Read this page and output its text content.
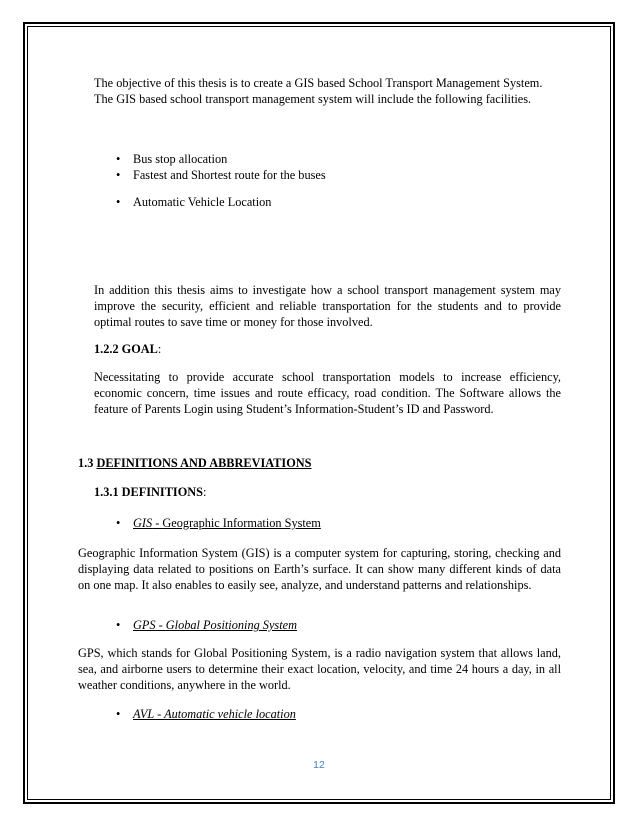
The objective of this thesis is to create a GIS based School Transport Management System.
The GIS based school transport management system will include the following facilities.
•	Bus stop allocation
•	Fastest and Shortest route for the buses
•	Automatic Vehicle Location
In addition this thesis aims to investigate how a school transport management system may improve the security, efficient and reliable transportation for the students and to provide optimal routes to save time or money for those involved.
1.2.2 GOAL:
Necessitating to provide accurate school transportation models to increase efficiency, economic concern, time issues and route efficacy, road condition. The Software allows the feature of Parents Login using Student’s Information-Student’s ID and Password.
1.3 DEFINITIONS AND ABBREVIATIONS
1.3.1 DEFINITIONS:
•	GIS - Geographic Information System
Geographic Information System (GIS) is a computer system for capturing, storing, checking and displaying data related to positions on Earth’s surface. It can show many different kinds of data on one map. It also enables to easily see, analyze, and understand patterns and relationships.
•	GPS - Global Positioning System
GPS, which stands for Global Positioning System, is a radio navigation system that allows land, sea, and airborne users to determine their exact location, velocity, and time 24 hours a day, in all weather conditions, anywhere in the world.
•	AVL - Automatic vehicle location
12
